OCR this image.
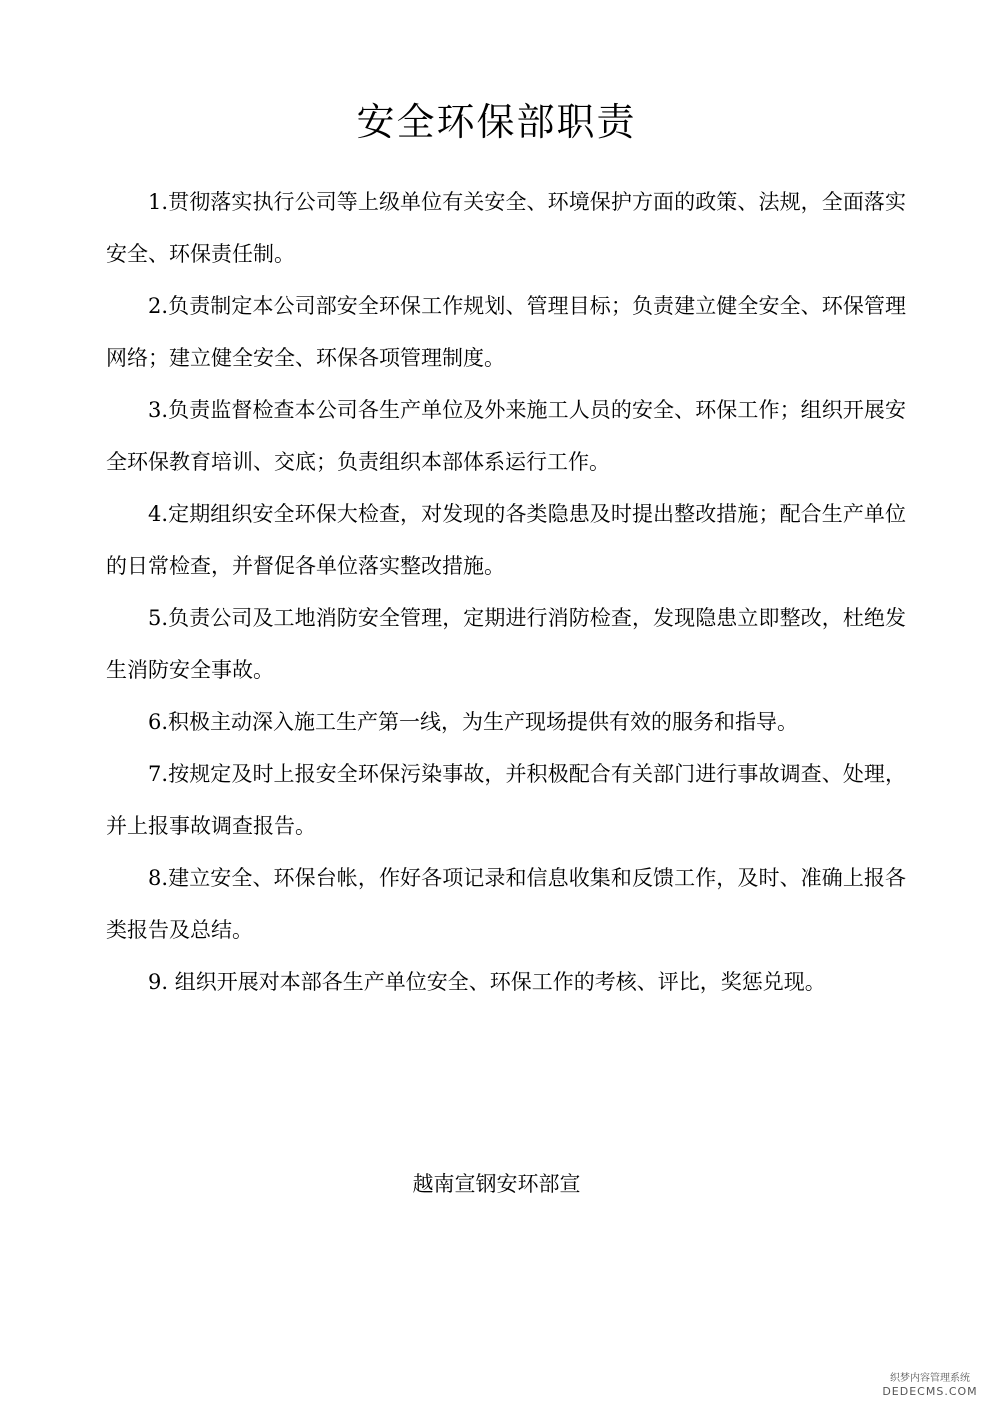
安全环保部职责

1.贯彻落实执行公司等上级单位有关安全、环境保护方面的政策、法规，全面落实安全、环保责任制。

2.负责制定本公司部安全环保工作规划、管理目标；负责建立健全安全、环保管理网络；建立健全安全、环保各项管理制度。

3.负责监督检查本公司各生产单位及外来施工人员的安全、环保工作；组织开展安全环保教育培训、交底；负责组织本部体系运行工作。

4.定期组织安全环保大检查，对发现的各类隐患及时提出整改措施；配合生产单位的日常检查，并督促各单位落实整改措施。

5.负责公司及工地消防安全管理，定期进行消防检查，发现隐患立即整改，杜绝发生消防安全事故。

6.积极主动深入施工生产第一线，为生产现场提供有效的服务和指导。

7.按规定及时上报安全环保污染事故，并积极配合有关部门进行事故调查、处理，并上报事故调查报告。

8.建立安全、环保台帐，作好各项记录和信息收集和反馈工作，及时、准确上报各类报告及总结。

9. 组织开展对本部各生产单位安全、环保工作的考核、评比，奖惩兑现。

越南宣钢安环部宣
织梦内容管理系统
DEDECMS.COM
